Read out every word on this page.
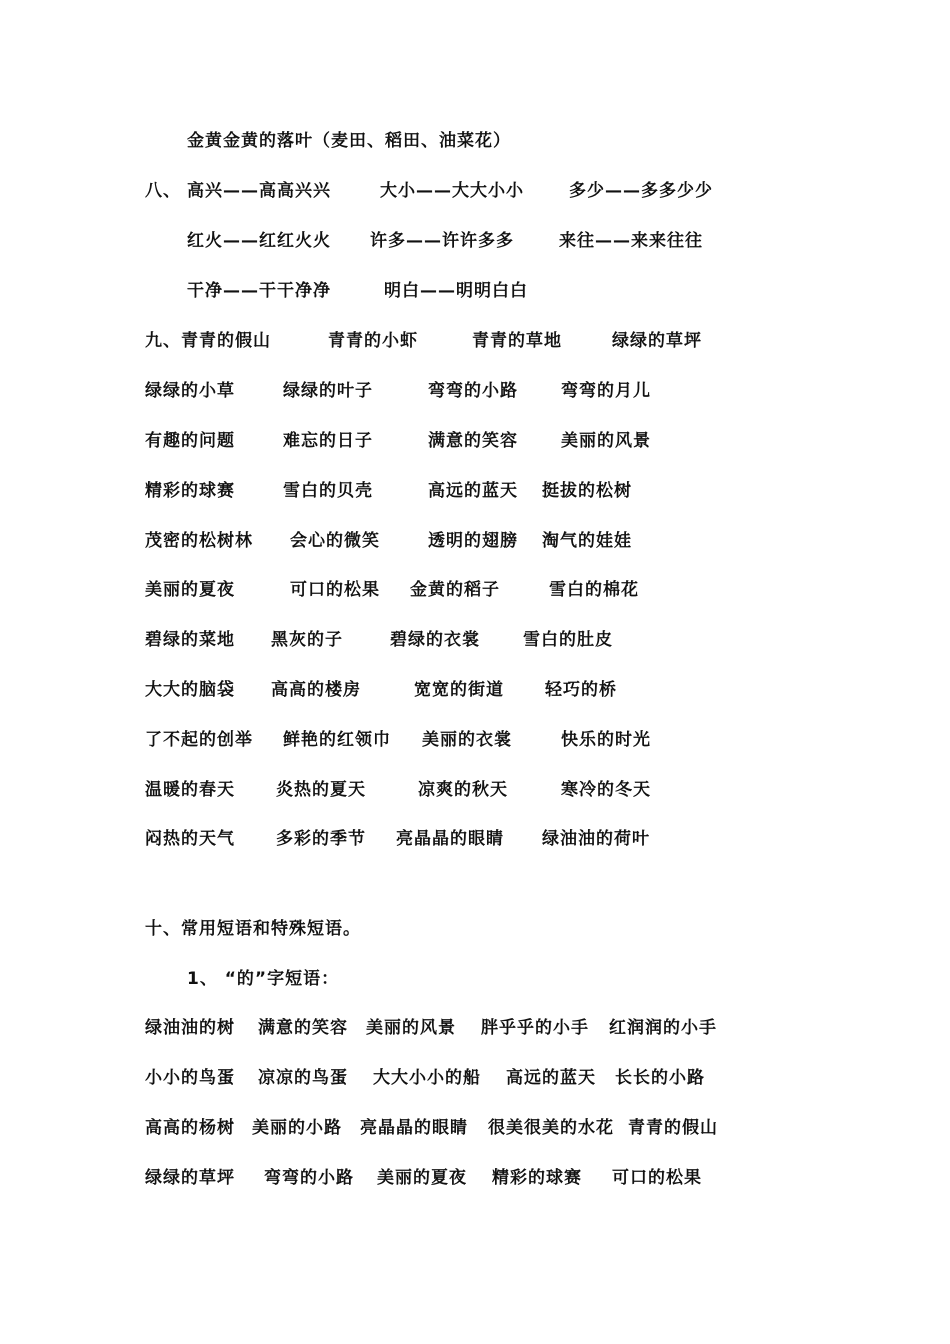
金黄金黄的落叶（麦田、稻田、油菜花）
八、 高兴——高高兴兴	大小——大大小小	多少——多多少少
红火——红红火火 许多——许许多多	来往——来来往往
干净——干干净净	明白——明明白白
九、青青的假山	青青的小虾	青青的草地	绿绿的草坪
绿绿的小草	绿绿的叶子	弯弯的小路	弯弯的月儿
有趣的问题	难忘的日子	满意的笑容	美丽的风景
精彩的球赛	雪白的贝壳	高远的蓝天 挺拔的松树
茂密的松树林 会心的微笑	透明的翅膀 淘气的娃娃
美丽的夏夜	可口的松果 金黄的稻子	雪白的棉花
碧绿的菜地 黑灰的子	碧绿的衣裳	雪白的肚皮
大大的脑袋 高高的楼房	宽宽的街道 轻巧的桥
了不起的创举 鲜艳的红领巾 美丽的衣裳	快乐的时光
温暖的春天 炎热的夏天	凉爽的秋天	寒冷的冬天
闷热的天气 多彩的季节 亮晶晶的眼睛 绿油油的荷叶
十、常用短语和特殊短语。
1、 “的”字短语：
绿油油的树 满意的笑容 美丽的风景 胖乎乎的小手 红润润的小手
小小的鸟蛋 凉凉的鸟蛋 大大小小的船 高远的蓝天 长长的小路
高高的杨树 美丽的小路 亮晶晶的眼睛 很美很美的水花 青青的假山
绿绿的草坪 弯弯的小路 美丽的夏夜 精彩的球赛 可口的松果
